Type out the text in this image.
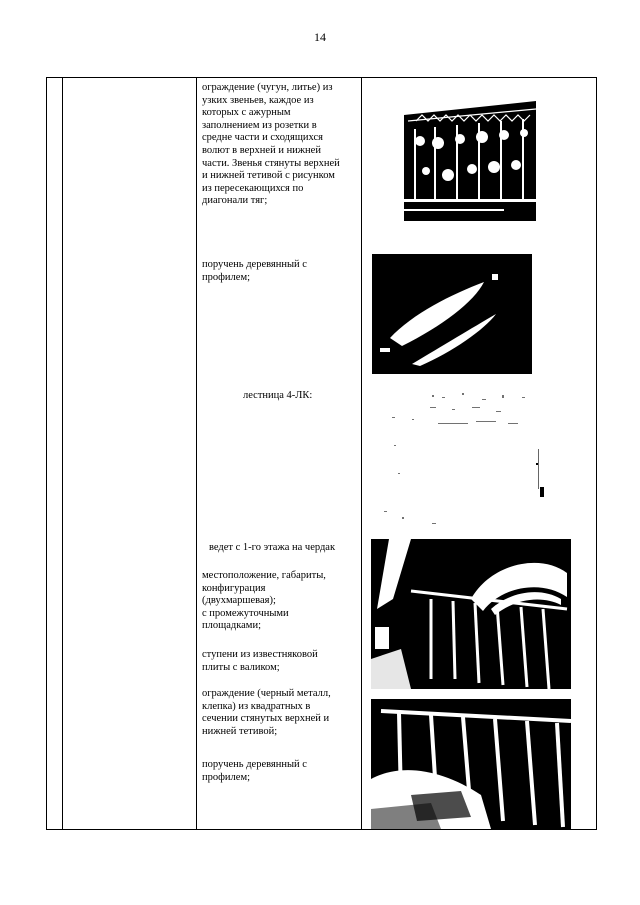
14
ограждение (чугун, литье) из
узких звеньев, каждое из
которых с ажурным
заполнением из розетки в
средне части и сходящихся
волют в верхней и нижней
части. Звенья стянуты верхней
и нижней тетивой с рисунком
из пересекающихся по
диагонали тяг;
поручень деревянный с
профилем;
лестница 4-ЛК:
ведет с 1-го этажа на чердак
местоположение, габариты,
конфигурация
(двухмаршевая);
с промежуточными
площадками;
ступени из известняковой
плиты с валиком;
ограждение (черный металл,
клепка) из квадратных в
сечении стянутых верхней и
нижней тетивой;
поручень деревянный с
профилем;
